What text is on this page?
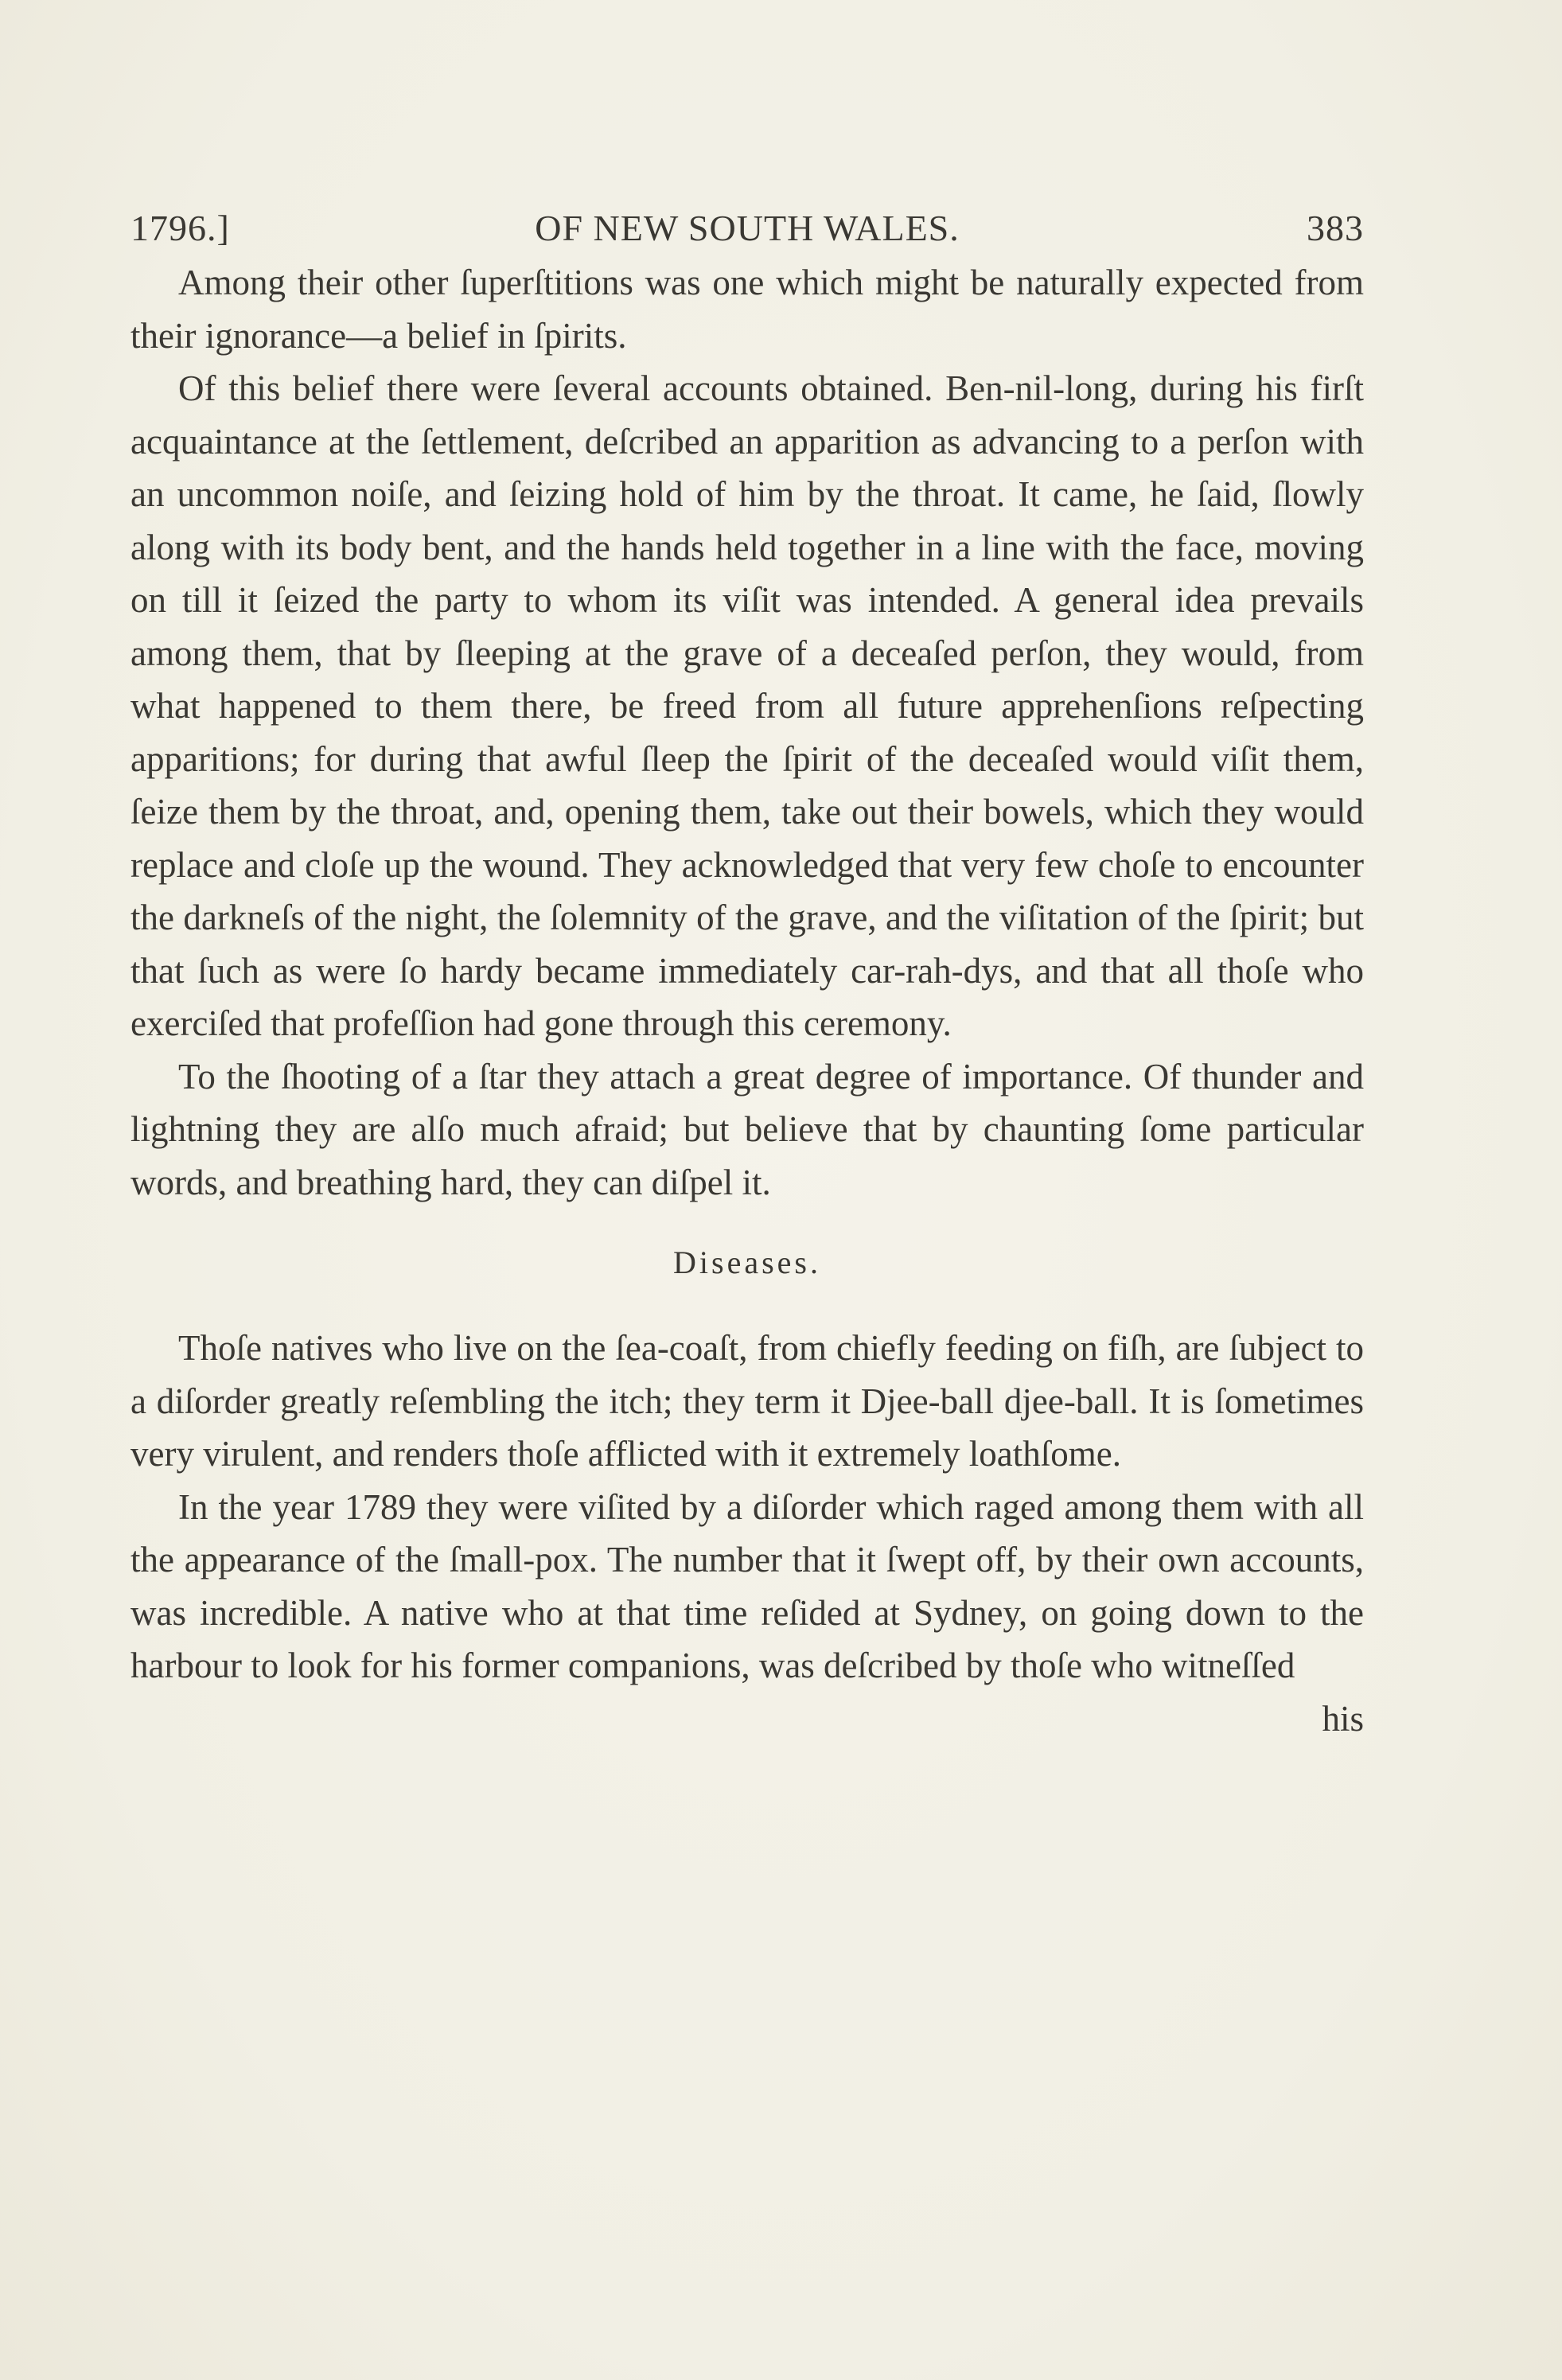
1796.]	OF NEW SOUTH WALES.	383

Among their other ſuperſtitions was one which might be naturally expected from their ignorance—a belief in ſpirits.

Of this belief there were ſeveral accounts obtained. Ben-nil-long, during his firſt acquaintance at the ſettlement, deſcribed an apparition as advancing to a perſon with an uncommon noiſe, and ſeizing hold of him by the throat. It came, he ſaid, ſlowly along with its body bent, and the hands held together in a line with the face, moving on till it ſeized the party to whom its viſit was intended. A general idea prevails among them, that by ſleeping at the grave of a deceaſed perſon, they would, from what happened to them there, be freed from all future apprehenſions reſpecting apparitions; for during that awful ſleep the ſpirit of the deceaſed would viſit them, ſeize them by the throat, and, opening them, take out their bowels, which they would replace and cloſe up the wound. They acknowledged that very few choſe to encounter the darkneſs of the night, the ſolemnity of the grave, and the viſitation of the ſpirit; but that ſuch as were ſo hardy became immediately car-rah-dys, and that all thoſe who exerciſed that profeſſion had gone through this ceremony.

To the ſhooting of a ſtar they attach a great degree of importance. Of thunder and lightning they are alſo much afraid; but believe that by chaunting ſome particular words, and breathing hard, they can diſpel it.

Diseases.

Thoſe natives who live on the ſea-coaſt, from chiefly feeding on fiſh, are ſubject to a diſorder greatly reſembling the itch; they term it Djee-ball djee-ball. It is ſometimes very virulent, and renders thoſe afflicted with it extremely loathſome.

In the year 1789 they were viſited by a diſorder which raged among them with all the appearance of the ſmall-pox. The number that it ſwept off, by their own accounts, was incredible. A native who at that time reſided at Sydney, on going down to the harbour to look for his former companions, was deſcribed by thoſe who witneſſed

his
